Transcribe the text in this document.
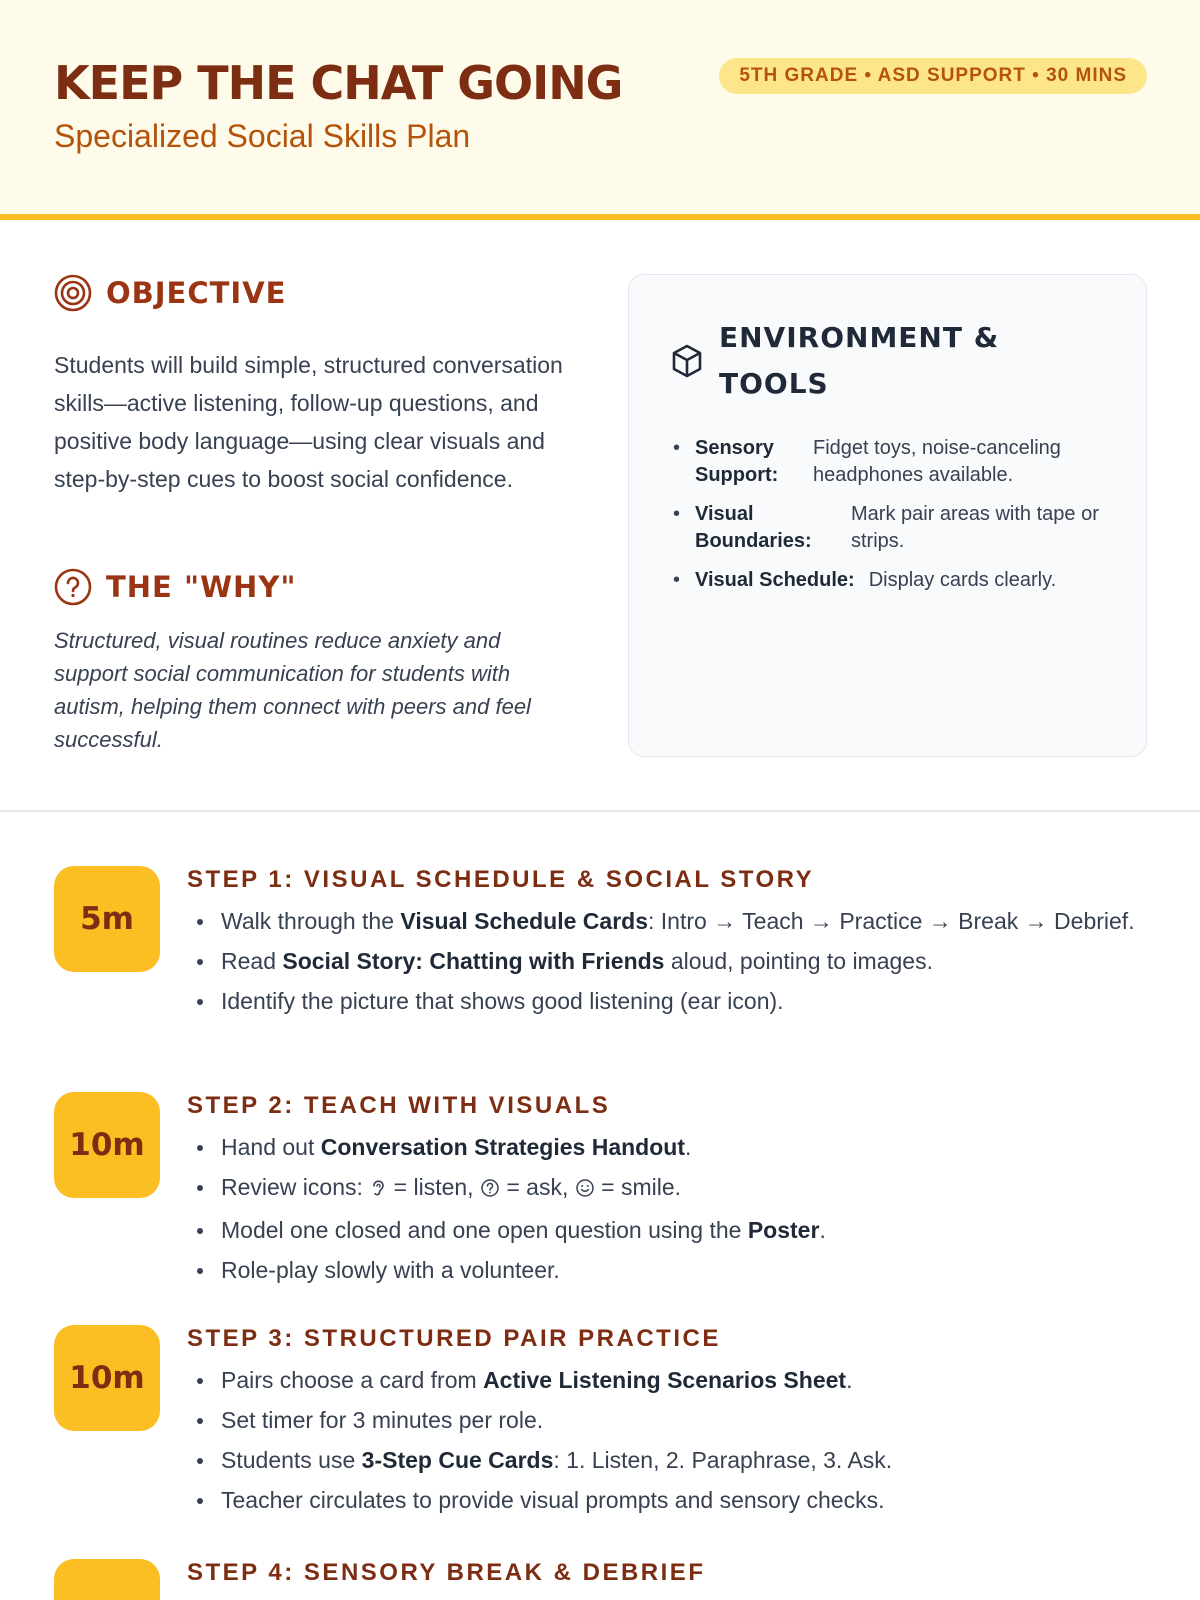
KEEP THE CHAT GOING
Specialized Social Skills Plan
5TH GRADE • ASD SUPPORT • 30 MINS
OBJECTIVE

Students will build simple, structured conversation skills—active listening, follow-up questions, and positive body language—using clear visuals and step-by-step cues to boost social confidence.

THE "WHY"

Structured, visual routines reduce anxiety and support social communication for students with autism, helping them connect with peers and feel successful.

ENVIRONMENT & TOOLS
• Sensory Support:
Fidget toys, noise-canceling headphones available.
• Visual Boundaries:
Mark pair areas with tape or strips.
• Visual Schedule: Display cards clearly.
5m
STEP 1: VISUAL SCHEDULE & SOCIAL STORY
Walk through the Visual Schedule Cards: Intro → Teach → Practice → Break → Debrief.
Read Social Story: Chatting with Friends aloud, pointing to images.
Identify the picture that shows good listening (ear icon).
10m
STEP 2: TEACH WITH VISUALS
Hand out Conversation Strategies Handout.
Review icons:  = listen, = ask, = smile.
Model one closed and one open question using the Poster.
Role-play slowly with a volunteer.
10m
STEP 3: STRUCTURED PAIR PRACTICE
Pairs choose a card from Active Listening Scenarios Sheet.
Set timer for 3 minutes per role.
Students use 3-Step Cue Cards: 1. Listen, 2. Paraphrase, 3. Ask.
Teacher circulates to provide visual prompts and sensory checks.
STEP 4: SENSORY BREAK & DEBRIEF
